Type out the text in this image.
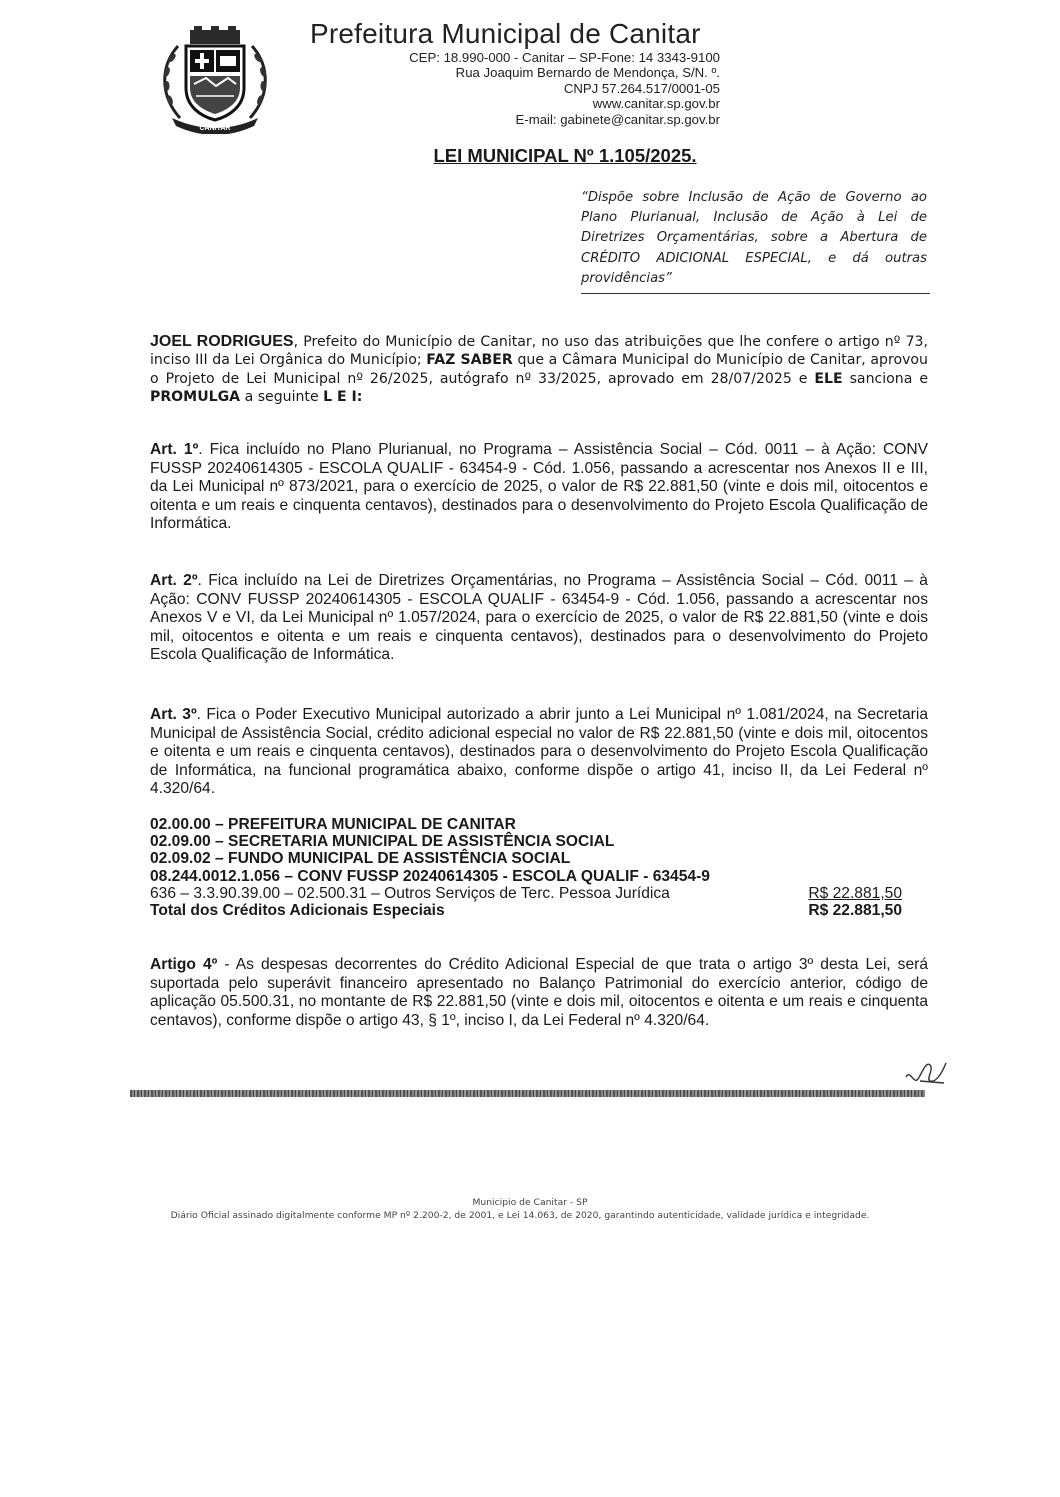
CANITAR
Prefeitura Municipal de Canitar
CEP: 18.990-000 - Canitar – SP-Fone: 14 3343-9100
Rua Joaquim Bernardo de Mendonça, S/N. º.
CNPJ 57.264.517/0001-05
www.canitar.sp.gov.br
E-mail: gabinete@canitar.sp.gov.br
LEI MUNICIPAL Nº 1.105/2025.
“Dispõe sobre Inclusão de Ação de Governo ao
Plano Plurianual, Inclusão de Ação à Lei de
Diretrizes Orçamentárias, sobre a Abertura de
CRÉDITO ADICIONAL ESPECIAL, e dá outras
providências”
JOEL RODRIGUES, Prefeito do Município de Canitar, no uso das atribuições que lhe confere o artigo nº 73, inciso III da Lei Orgânica do Município; FAZ SABER que a Câmara Municipal do Município de Canitar, aprovou o Projeto de Lei Municipal nº 26/2025, autógrafo nº 33/2025, aprovado em 28/07/2025 e ELE sanciona e PROMULGA a seguinte L E I:
Art. 1º. Fica incluído no Plano Plurianual, no Programa – Assistência Social – Cód. 0011 – à Ação: CONV FUSSP 20240614305 - ESCOLA QUALIF - 63454-9 - Cód. 1.056, passando a acrescentar nos Anexos II e III, da Lei Municipal nº 873/2021, para o exercício de 2025, o valor de R$ 22.881,50 (vinte e dois mil, oitocentos e oitenta e um reais e cinquenta centavos), destinados para o desenvolvimento do Projeto Escola Qualificação de Informática.
Art. 2º. Fica incluído na Lei de Diretrizes Orçamentárias, no Programa – Assistência Social – Cód. 0011 – à Ação: CONV FUSSP 20240614305 - ESCOLA QUALIF - 63454-9 - Cód. 1.056, passando a acrescentar nos Anexos V e VI, da Lei Municipal nº 1.057/2024, para o exercício de 2025, o valor de R$ 22.881,50 (vinte e dois mil, oitocentos e oitenta e um reais e cinquenta centavos), destinados para o desenvolvimento do Projeto Escola Qualificação de Informática.
Art. 3º. Fica o Poder Executivo Municipal autorizado a abrir junto a Lei Municipal nº 1.081/2024, na Secretaria Municipal de Assistência Social, crédito adicional especial no valor de R$ 22.881,50 (vinte e dois mil, oitocentos e oitenta e um reais e cinquenta centavos), destinados para o desenvolvimento do Projeto Escola Qualificação de Informática, na funcional programática abaixo, conforme dispõe o artigo 41, inciso II, da Lei Federal nº 4.320/64.
02.00.00 – PREFEITURA MUNICIPAL DE CANITAR
02.09.00 – SECRETARIA MUNICIPAL DE ASSISTÊNCIA SOCIAL
02.09.02 – FUNDO MUNICIPAL DE ASSISTÊNCIA SOCIAL
08.244.0012.1.056 – CONV FUSSP 20240614305 - ESCOLA QUALIF - 63454-9
636 – 3.3.90.39.00 – 02.500.31 – Outros Serviços de Terc. Pessoa Jurídica	R$ 22.881,50
Total dos Créditos Adicionais Especiais	R$ 22.881,50
Artigo 4º - As despesas decorrentes do Crédito Adicional Especial de que trata o artigo 3º desta Lei, será suportada pelo superávit financeiro apresentado no Balanço Patrimonial do exercício anterior, código de aplicação 05.500.31, no montante de R$ 22.881,50 (vinte e dois mil, oitocentos e oitenta e um reais e cinquenta centavos), conforme dispõe o artigo 43, § 1º, inciso I, da Lei Federal nº 4.320/64.
Municipio de Canitar - SP
Diário Oficial assinado digitalmente conforme MP nº 2.200-2, de 2001, e Lei 14.063, de 2020, garantindo autenticidade, validade jurídica e integridade.
